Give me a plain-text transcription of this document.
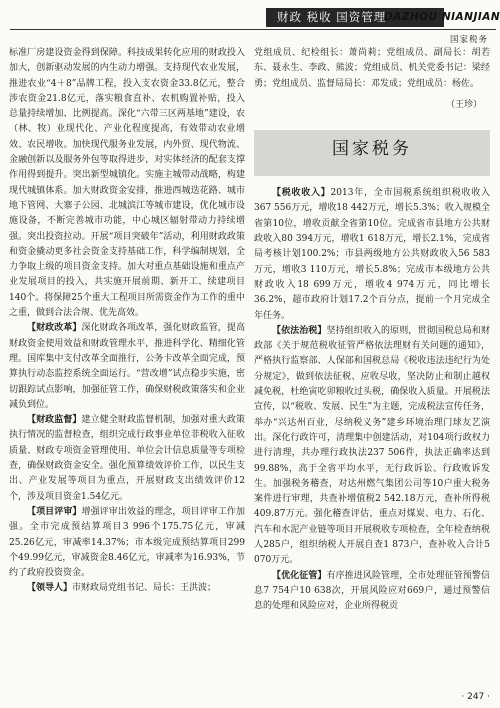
财政 税收 国资管理
DAZHOU NIANJIAN
国家税务

标准厂房建设资金得到保障。科技成果转化应用的财政投入加大，创新驱动发展的内生动力增强。支持现代农业发展，推进农业“4＋8”品牌工程，投入支农资金33.8亿元，整合涉农资金21.8亿元，落实粮食直补、农机购置补贴，投入总量持续增加、比例提高。深化“六带三区两基地”建设，农（林、牧）业现代化、产业化程度提高，有效带动农业增效、农民增收。加快现代服务业发展，内外贸、现代物流、金融创新以及服务外包等取得进步，对实体经济的配套支撑作用得到提升。突出新型城镇化。实施主城带动战略，构建现代城镇体系。加大财政资金安排，推进西城迭花路、城市地下管网、大寨子公园、北城滨江等城市建设，优化城市设施设备，不断完善城市功能，中心城区辐射带动力持续增强。突出投资拉动。开展“项目突破年”活动，利用财政政策和资金撬动更多社会资金支持基础工作，科学编制规划，全力争取上级的项目资金支持。加大对重点基础设施和重点产业发展项目的投入，共实施开展前期、新开工、续建项目140个。将保障25个重大工程项目所需资金作为工作的重中之重，做到合法合规、优先高效。

【财政改革】深化财政各项改革，强化财政监管，提高财政资金使用效益和财政管理水平，推进科学化、精细化管理。国库集中支付改革全面推行，公务卡改革全面完成，预算执行动态监控系统全面运行。“营改增”试点稳步实施，密切跟踪试点影响，加强征管工作，确保财税政策落实和企业减负到位。

【财政监督】建立健全财政监督机制，加强对重大政策执行情况的监督检查，组织完成行政事业单位非税收入征收质量、财政专项资金管理使用、单位会计信息质量等专项检查，确保财政资金安全。强化预算绩效评价工作，以民生支出、产业发展等项目为重点，开展财政支出绩效评价12个，涉及项目资金1.54亿元。

【项目评审】增强评审出效益的理念，项目评审工作加强。全市完成预结算项目3 996个175.75亿元，审减25.26亿元，审减率14.37%；市本级完成预结算项目299个49.99亿元，审减资金8.46亿元，审减率为16.93%，节约了政府投资资金。

【领导人】市财政局党组书记、局长：王洪波；

党组成员、纪检组长：萧尚莉；党组成员、副局长：胡若东、聂永生、李政、熊波；党组成员、机关党委书记：梁经勇；党组成员、监督局局长：邓发成；党组成员：杨佐。

（王珍）

国家税务

【税收收入】2013年，全市国税系统组织税收收入367 556万元，增收18 442万元，增长5.3%；收入规模全省第10位，增收贡献全省第10位。完成省市县地方公共财政收入80 394万元，增收1 618万元，增长2.1%，完成省局考核计划100.2%；市县两级地方公共财政收入56 583万元，增收3 110万元，增长5.8%；完成市本级地方公共财政收入18 699万元，增收4 974万元，同比增长36.2%，超市政府计划17.2个百分点，提前一个月完成全年任务。

【依法治税】坚持组织收入的原则，贯彻国税总局和财政部《关于规范税收征管严格依法理财有关问题的通知》，严格执行监察部、人保部和国税总局《税收违法违纪行为处分规定》，做到依法征税、应收尽收，坚决防止和制止越权减免税，杜绝寅吃卯粮收过头税，确保收入质量。开展税法宣传，以“税收、发展、民生”为主题，完成税法宣传任务，举办“兴达州百业，尽纳税义务”建乡环境治理门球友艺演出。深化行政许可，清理集中创建活动，对104项行政权力进行清理，共办理行政执法237 506件，执法正确率达到99.88%，高于全省平均水平，无行政诉讼、行政败诉发生。加强税务稽查，对达州燃气集团公司等10户重大税务案件进行审理，共查补增值税2 542.18万元，查补所得税409.87万元。强化稽查评估，重点对煤炭、电力、石化、汽车和水泥产业链等项目开展税收专项检查，全年检查纳税人285户，组织纳税人开展自查1 873户，查补收入合计5 070万元。

【优化征管】有序推进风险管理，全市处理征管预警信息7 754户10 638次，开展风险应对669户，通过预警信息的处理和风险应对，企业所得税贡

· 247 ·
